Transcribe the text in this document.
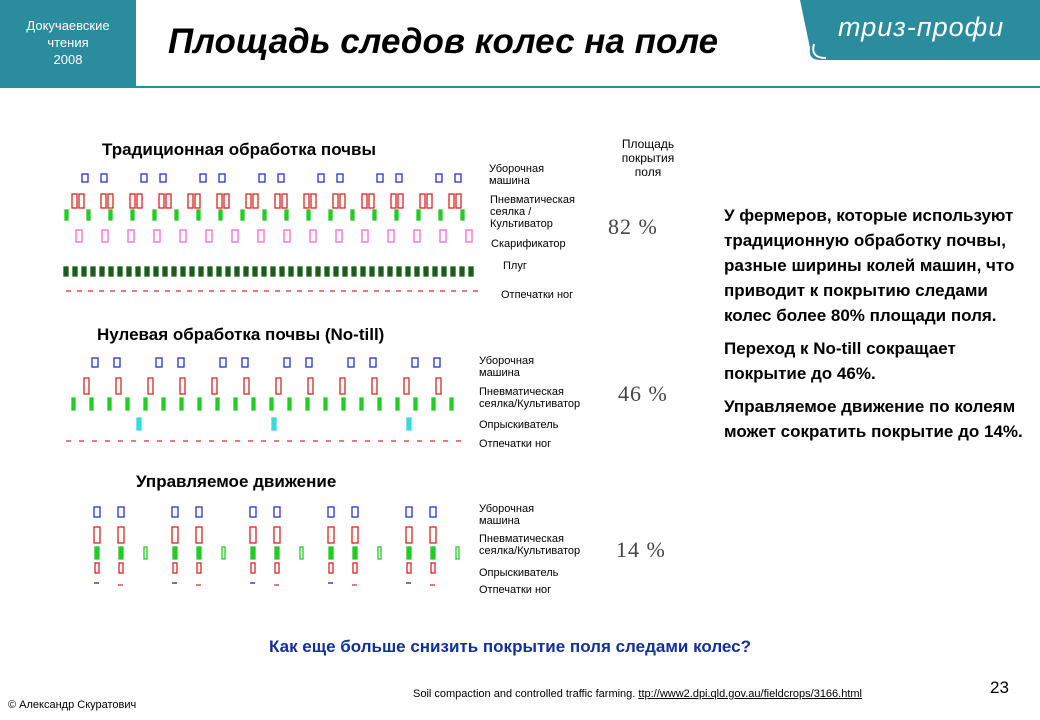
Докучаевские
чтения
2008
триз-профи
Площадь следов колес на поле
Площадь
покрытия
поля
Традиционная обработка почвы
Уборочная машина
Пневматическая сеялка / Культиватор
Скарификатор
Плуг
Отпечатки ног
82 %
Нулевая обработка почвы (No-till)
Уборочная машина
Пневматическая сеялка/Культиватор
Опрыскиватель
Отпечатки ног
46 %
Управляемое движение
Уборочная машина
Пневматическая сеялка/Культиватор
Опрыскиватель
Отпечатки ног
14 %

У фермеров, которые используют традиционную обработку почвы, разные ширины колей машин, что приводит к покрытию следами колес более 80% площади поля.

Переход к No-till сокращает покрытие до 46%.

Управляемое движение по колеям может сократить покрытие до 14%.

Как еще больше снизить покрытие поля следами колес?
23
© Александр Скуратович
Soil compaction and controlled traffic farming. ttp://www2.dpi.qld.gov.au/fieldcrops/3166.html
